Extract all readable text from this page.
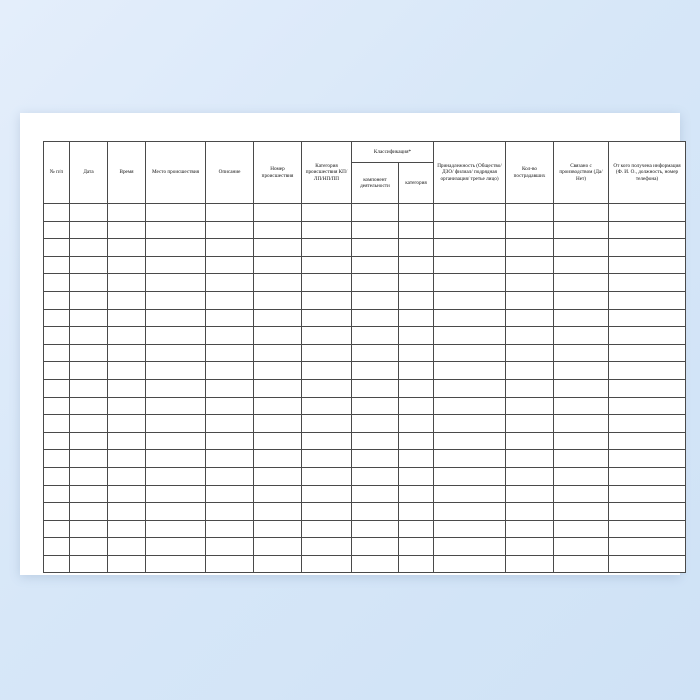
№ п/п	Дата	Время	Место происшествия	Описание	Номер происшествия	Категория происшествия КП/ЛП/НП/ПП	Классификация*		Принадлежность (Общество/ДЗО/ филиал/ подрядная организация/ третье лицо)	Кол-во пострадавших	Связано с производством (Да/Нет)	От кого получена информация (Ф. И. О., должность, номер телефона)
							компонент деятельности	категория				
